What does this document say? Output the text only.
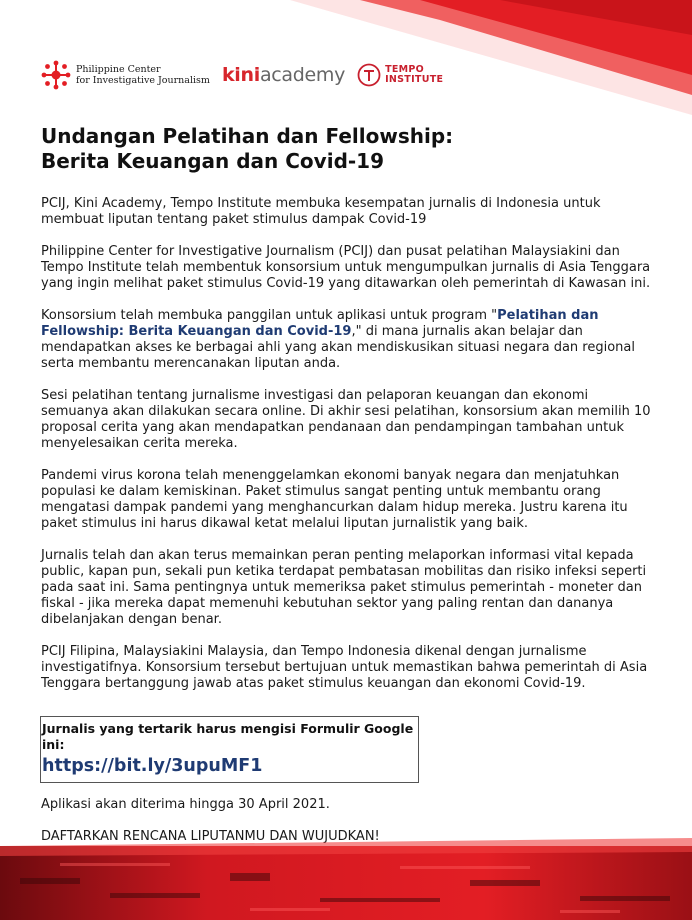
Philippine Center
for Investigative Journalism kiniacademy	TEMPO
INSTITUTE
Undangan Pelatihan dan Fellowship:
Berita Keuangan dan Covid-19

PCIJ, Kini Academy, Tempo Institute membuka kesempatan jurnalis di Indonesia untuk membuat liputan tentang paket stimulus dampak Covid-19

Philippine Center for Investigative Journalism (PCIJ) dan pusat pelatihan Malaysiakini dan Tempo Institute telah membentuk konsorsium untuk mengumpulkan jurnalis di Asia Tenggara yang ingin melihat paket stimulus Covid-19 yang ditawarkan oleh pemerintah di Kawasan ini.

Konsorsium telah membuka panggilan untuk aplikasi untuk program "Pelatihan dan Fellowship: Berita Keuangan dan Covid-19," di mana jurnalis akan belajar dan mendapatkan akses ke berbagai ahli yang akan mendiskusikan situasi negara dan regional serta membantu merencanakan liputan anda.

Sesi pelatihan tentang jurnalisme investigasi dan pelaporan keuangan dan ekonomi semuanya akan dilakukan secara online. Di akhir sesi pelatihan, konsorsium akan memilih 10 proposal cerita yang akan mendapatkan pendanaan dan pendampingan tambahan untuk menyelesaikan cerita mereka.

Pandemi virus korona telah menenggelamkan ekonomi banyak negara dan menjatuhkan populasi ke dalam kemiskinan. Paket stimulus sangat penting untuk membantu orang mengatasi dampak pandemi yang menghancurkan dalam hidup mereka. Justru karena itu paket stimulus ini harus dikawal ketat melalui liputan jurnalistik yang baik.

Jurnalis telah dan akan terus memainkan peran penting melaporkan informasi vital kepada public, kapan pun, sekali pun ketika terdapat pembatasan mobilitas dan risiko infeksi seperti pada saat ini. Sama pentingnya untuk memeriksa paket stimulus pemerintah - moneter dan fiskal - jika mereka dapat memenuhi kebutuhan sektor yang paling rentan dan dananya dibelanjakan dengan benar.

PCIJ Filipina, Malaysiakini Malaysia, dan Tempo Indonesia dikenal dengan jurnalisme investigatifnya. Konsorsium tersebut bertujuan untuk memastikan bahwa pemerintah di Asia Tenggara bertanggung jawab atas paket stimulus keuangan dan ekonomi Covid-19.

Jurnalis yang tertarik harus mengisi Formulir Google ini:
https://bit.ly/3upuMF1

Aplikasi akan diterima hingga 30 April 2021.

DAFTARKAN RENCANA LIPUTANMU DAN WUJUDKAN!
